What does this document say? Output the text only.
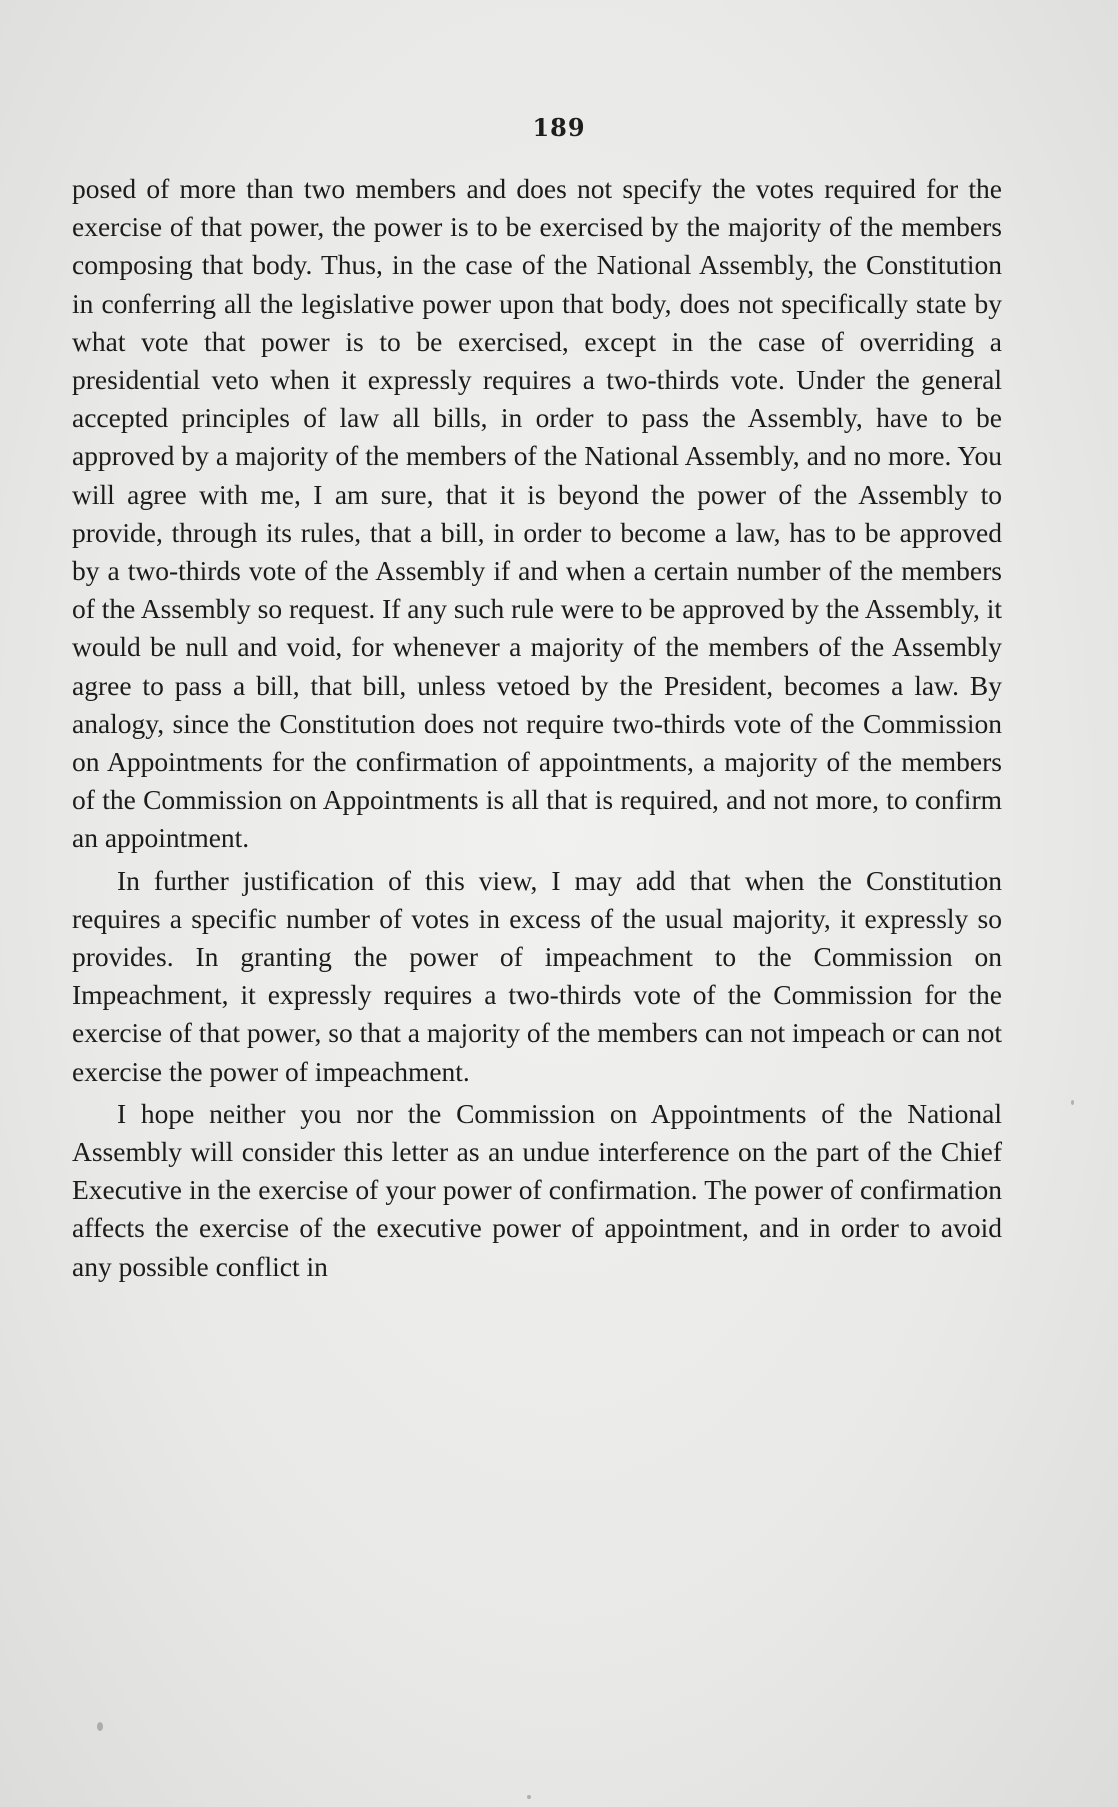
189

posed of more than two members and does not specify the votes required for the exercise of that power, the power is to be exercised by the majority of the members composing that body. Thus, in the case of the National Assembly, the Constitution in conferring all the legislative power upon that body, does not specifically state by what vote that power is to be exercised, except in the case of overriding a presidential veto when it expressly requires a two-thirds vote. Under the general accepted principles of law all bills, in order to pass the Assembly, have to be approved by a majority of the members of the National Assembly, and no more. You will agree with me, I am sure, that it is beyond the power of the Assembly to provide, through its rules, that a bill, in order to become a law, has to be approved by a two-thirds vote of the Assembly if and when a certain number of the members of the Assembly so request. If any such rule were to be approved by the Assembly, it would be null and void, for whenever a majority of the members of the Assembly agree to pass a bill, that bill, unless vetoed by the President, becomes a law. By analogy, since the Constitution does not require two-thirds vote of the Commission on Appointments for the confirmation of appointments, a majority of the members of the Commission on Appointments is all that is required, and not more, to confirm an appointment.

In further justification of this view, I may add that when the Constitution requires a specific number of votes in excess of the usual majority, it expressly so provides. In granting the power of impeachment to the Commission on Impeachment, it expressly requires a two-thirds vote of the Commission for the exercise of that power, so that a majority of the members can not impeach or can not exercise the power of impeachment.

I hope neither you nor the Commission on Appointments of the National Assembly will consider this letter as an undue interference on the part of the Chief Executive in the exercise of your power of confirmation. The power of confirmation affects the exercise of the executive power of appointment, and in order to avoid any possible conflict in
